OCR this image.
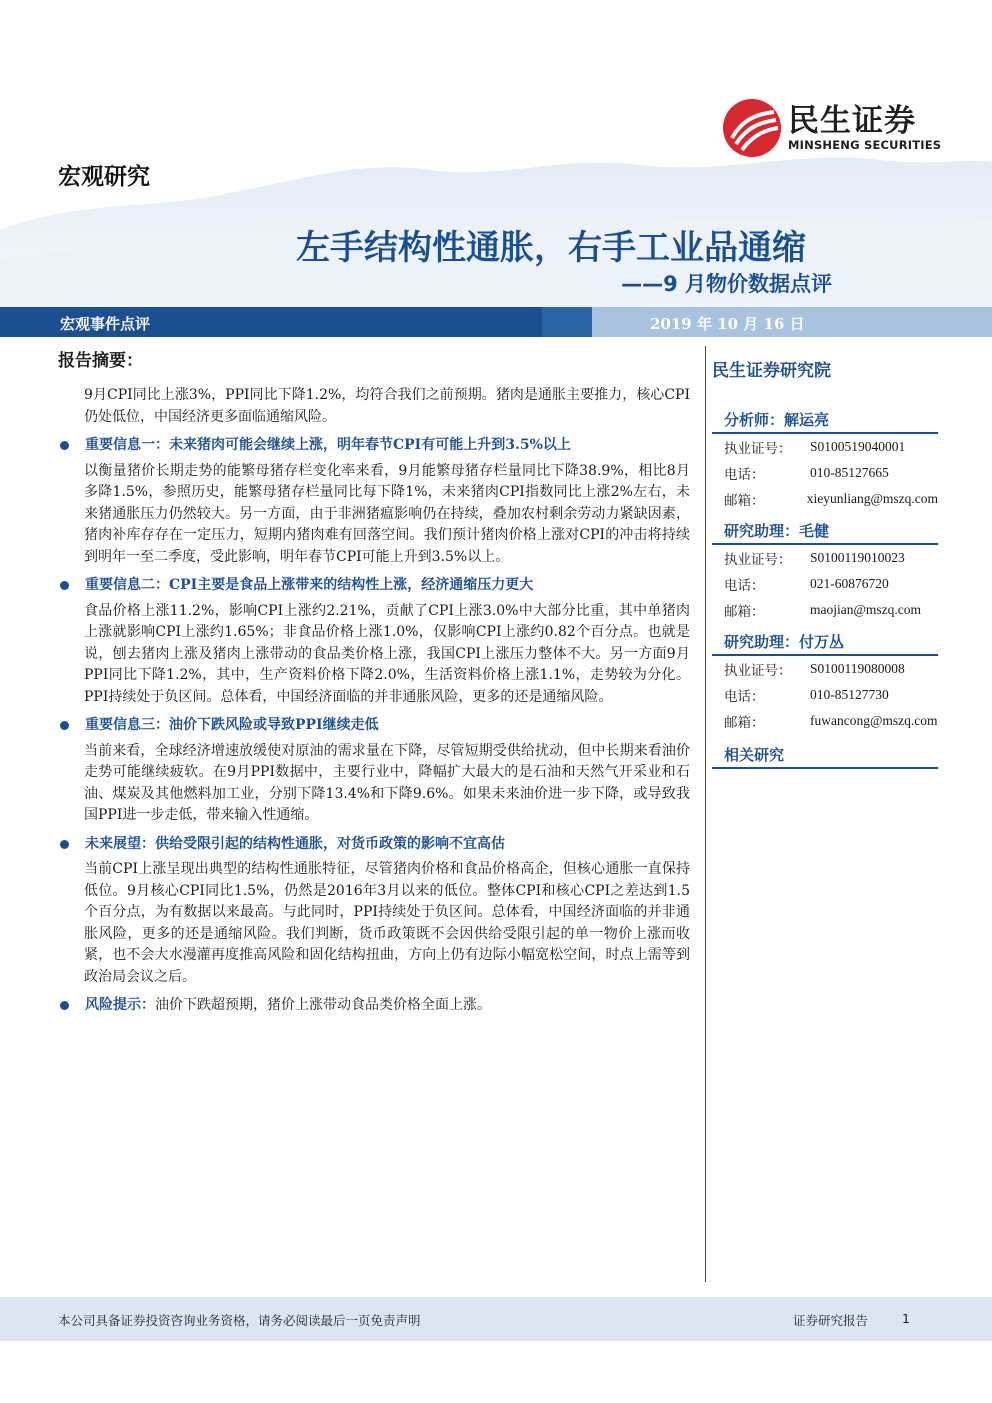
民生证券
MINSHENG SECURITIES
宏观研究
左手结构性通胀，右手工业品通缩
——9 月物价数据点评
宏观事件点评	2019 年 10 月 16 日
报告摘要：
9月CPI同比上涨3%，PPI同比下降1.2%，均符合我们之前预期。猪肉是通胀主要推力，核心CPI仍处低位，中国经济更多面临通缩风险。
重要信息一：未来猪肉可能会继续上涨，明年春节CPI有可能上升到3.5%以上
以衡量猪价长期走势的能繁母猪存栏变化率来看，9月能繁母猪存栏量同比下降38.9%，相比8月多降1.5%，参照历史，能繁母猪存栏量同比每下降1%，未来猪肉CPI指数同比上涨2%左右，未来猪通胀压力仍然较大。另一方面，由于非洲猪瘟影响仍在持续，叠加农村剩余劳动力紧缺因素，猪肉补库存存在一定压力，短期内猪肉难有回落空间。我们预计猪肉价格上涨对CPI的冲击将持续到明年一至二季度，受此影响，明年春节CPI可能上升到3.5%以上。
重要信息二：CPI主要是食品上涨带来的结构性上涨，经济通缩压力更大
食品价格上涨11.2%，影响CPI上涨约2.21%，贡献了CPI上涨3.0%中大部分比重，其中单猪肉上涨就影响CPI上涨约1.65%；非食品价格上涨1.0%，仅影响CPI上涨约0.82个百分点。也就是说，刨去猪肉上涨及猪肉上涨带动的食品类价格上涨，我国CPI上涨压力整体不大。另一方面9月PPI同比下降1.2%，其中，生产资料价格下降2.0%，生活资料价格上涨1.1%，走势较为分化。PPI持续处于负区间。总体看，中国经济面临的并非通胀风险，更多的还是通缩风险。
重要信息三：油价下跌风险或导致PPI继续走低
当前来看，全球经济增速放缓使对原油的需求量在下降，尽管短期受供给扰动，但中长期来看油价走势可能继续疲软。在9月PPI数据中，主要行业中，降幅扩大最大的是石油和天然气开采业和石油、煤炭及其他燃料加工业，分别下降13.4%和下降9.6%。如果未来油价进一步下降，或导致我国PPI进一步走低，带来输入性通缩。
未来展望：供给受限引起的结构性通胀，对货币政策的影响不宜高估
当前CPI上涨呈现出典型的结构性通胀特征，尽管猪肉价格和食品价格高企，但核心通胀一直保持低位。9月核心CPI同比1.5%，仍然是2016年3月以来的低位。整体CPI和核心CPI之差达到1.5个百分点，为有数据以来最高。与此同时，PPI持续处于负区间。总体看，中国经济面临的并非通胀风险，更多的还是通缩风险。我们判断，货币政策既不会因供给受限引起的单一物价上涨而收紧，也不会大水漫灌再度推高风险和固化结构扭曲，方向上仍有边际小幅宽松空间，时点上需等到政治局会议之后。
风险提示：油价下跌超预期，猪价上涨带动食品类价格全面上涨。
民生证券研究院
分析师：解运亮
执业证号：	S0100519040001
电话：	010-85127665
邮箱：	xieyunliang@mszq.com
研究助理：毛健
执业证号：	S0100119010023
电话：	021-60876720
邮箱：	maojian@mszq.com
研究助理：付万丛
执业证号：	S0100119080008
电话：	010-85127730
邮箱：	fuwancong@mszq.com
相关研究
本公司具备证券投资咨询业务资格，请务必阅读最后一页免责声明	证券研究报告	1
